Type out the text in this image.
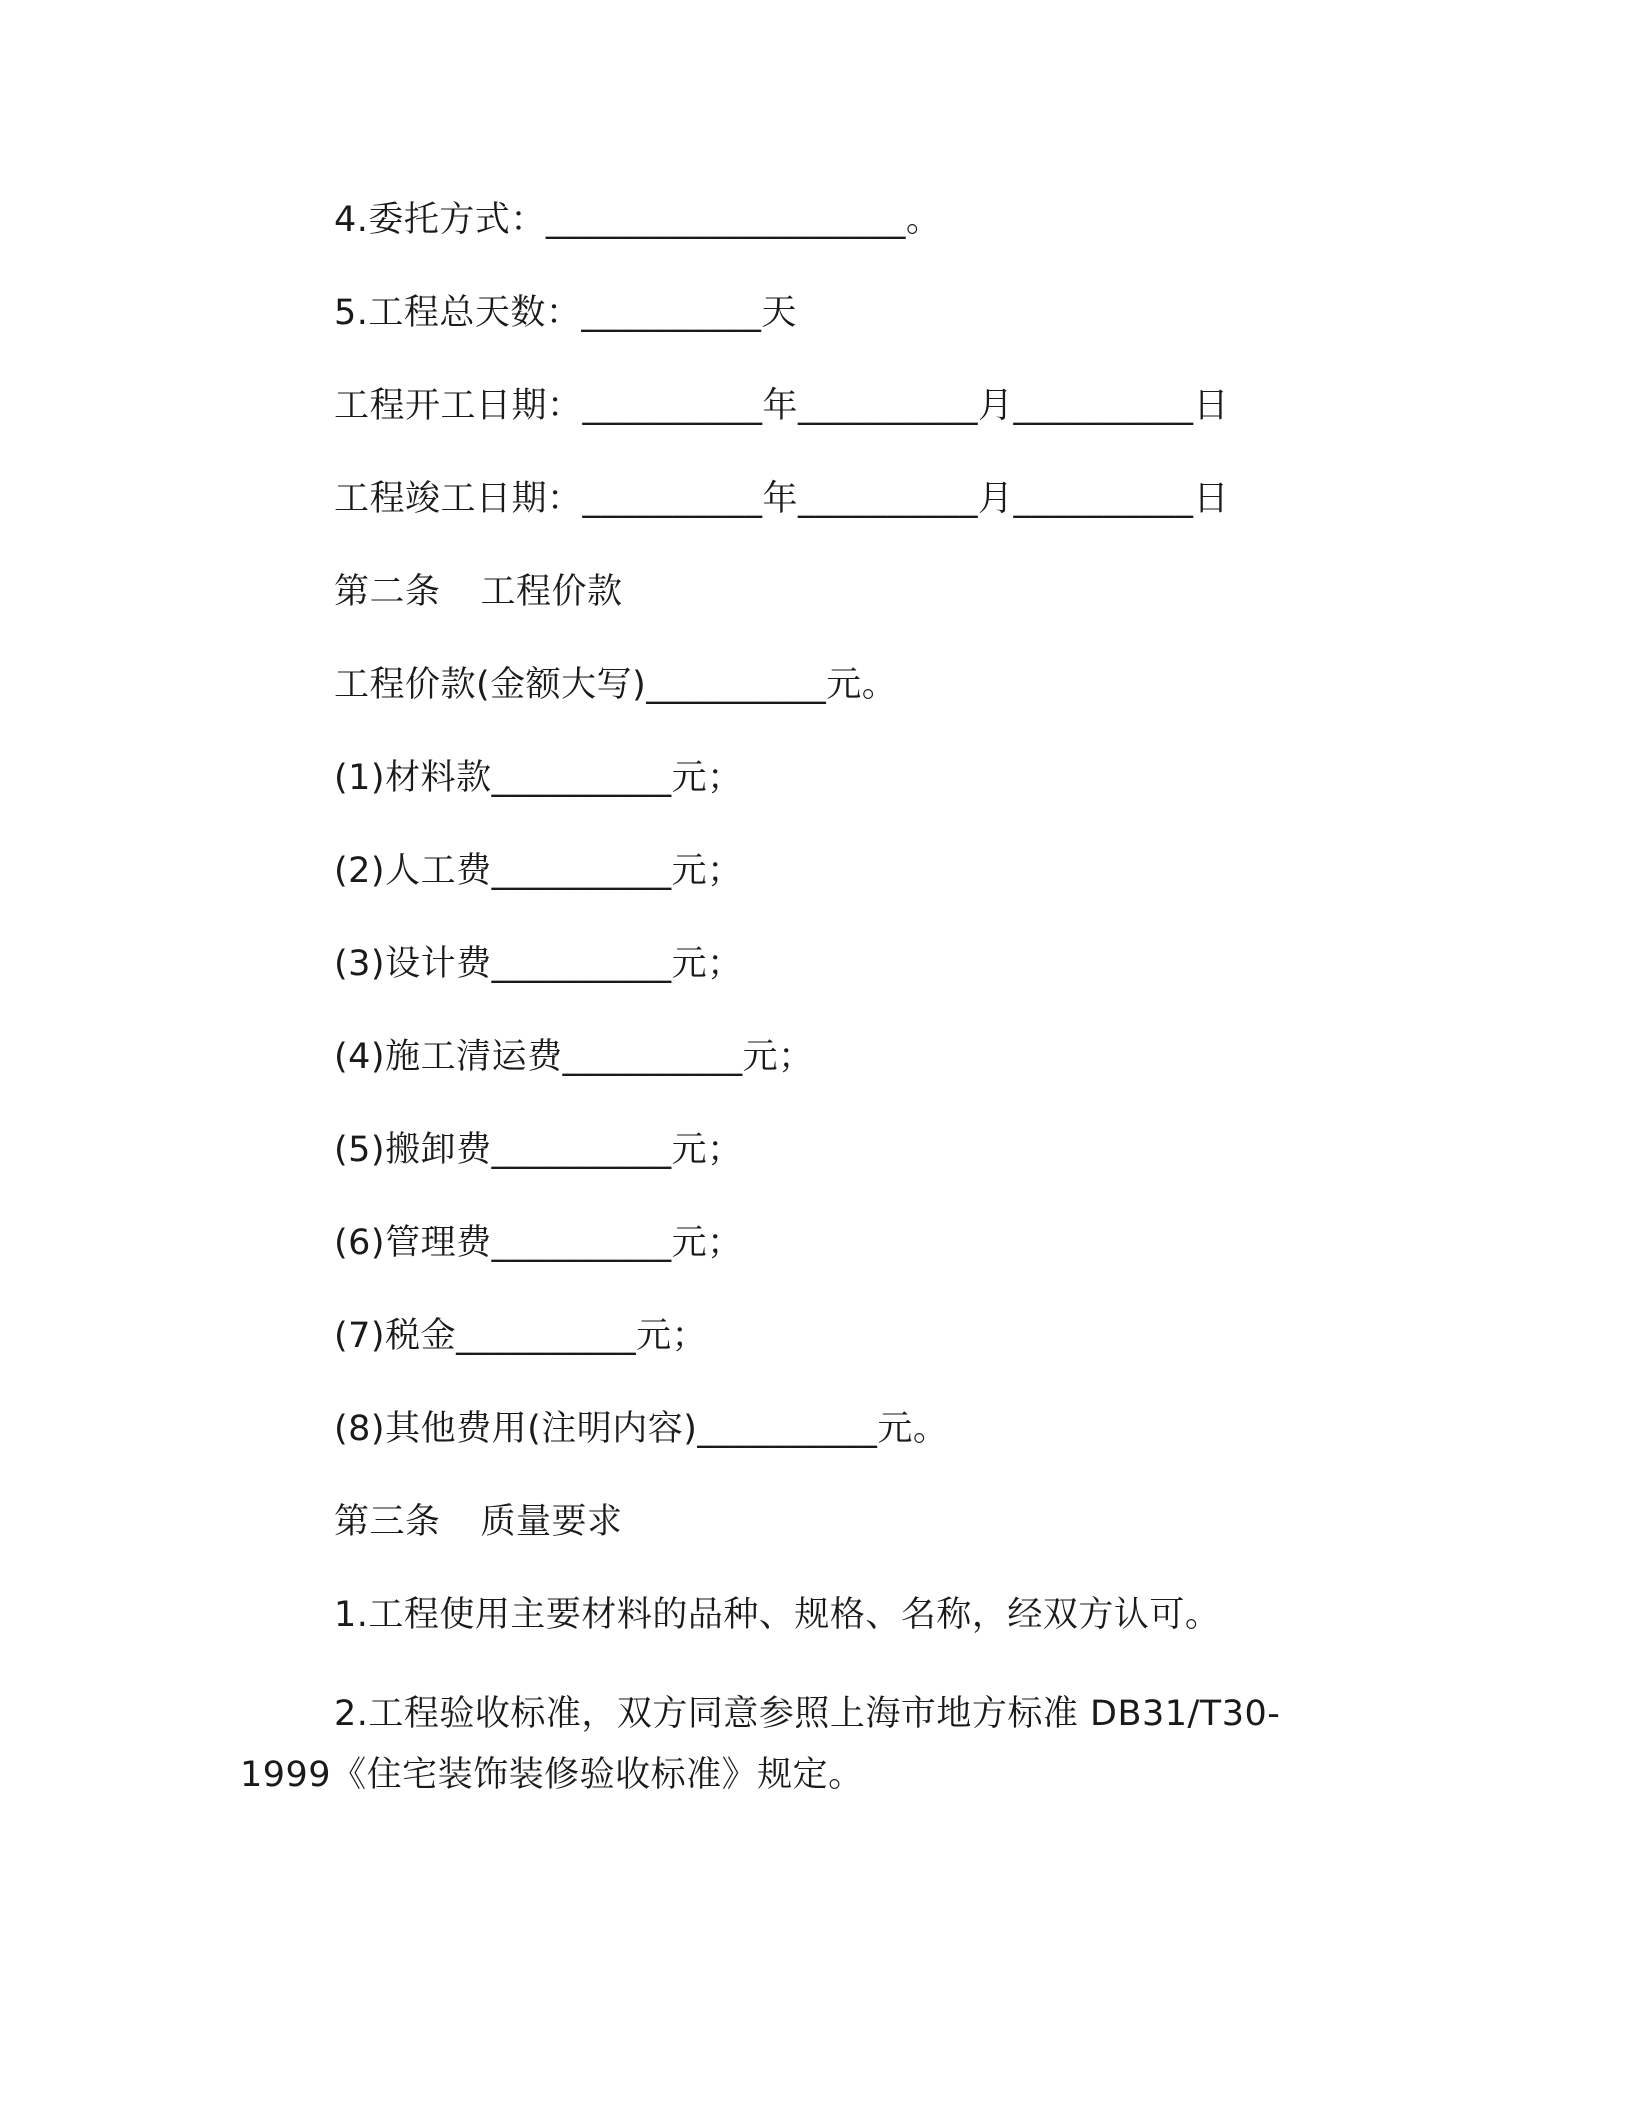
4.委托方式：____________________。
5.工程总天数：__________天
工程开工日期：__________年__________月__________日
工程竣工日期：__________年__________月__________日
第二条 工程价款
工程价款(金额大写)__________元。
(1)材料款__________元；
(2)人工费__________元；
(3)设计费__________元；
(4)施工清运费__________元；
(5)搬卸费__________元；
(6)管理费__________元；
(7)税金__________元；
(8)其他费用(注明内容)__________元。
第三条 质量要求
1.工程使用主要材料的品种、规格、名称，经双方认可。
2.工程验收标准，双方同意参照上海市地方标准 DB31/T30-1999《住宅装饰装修验收标准》规定。
